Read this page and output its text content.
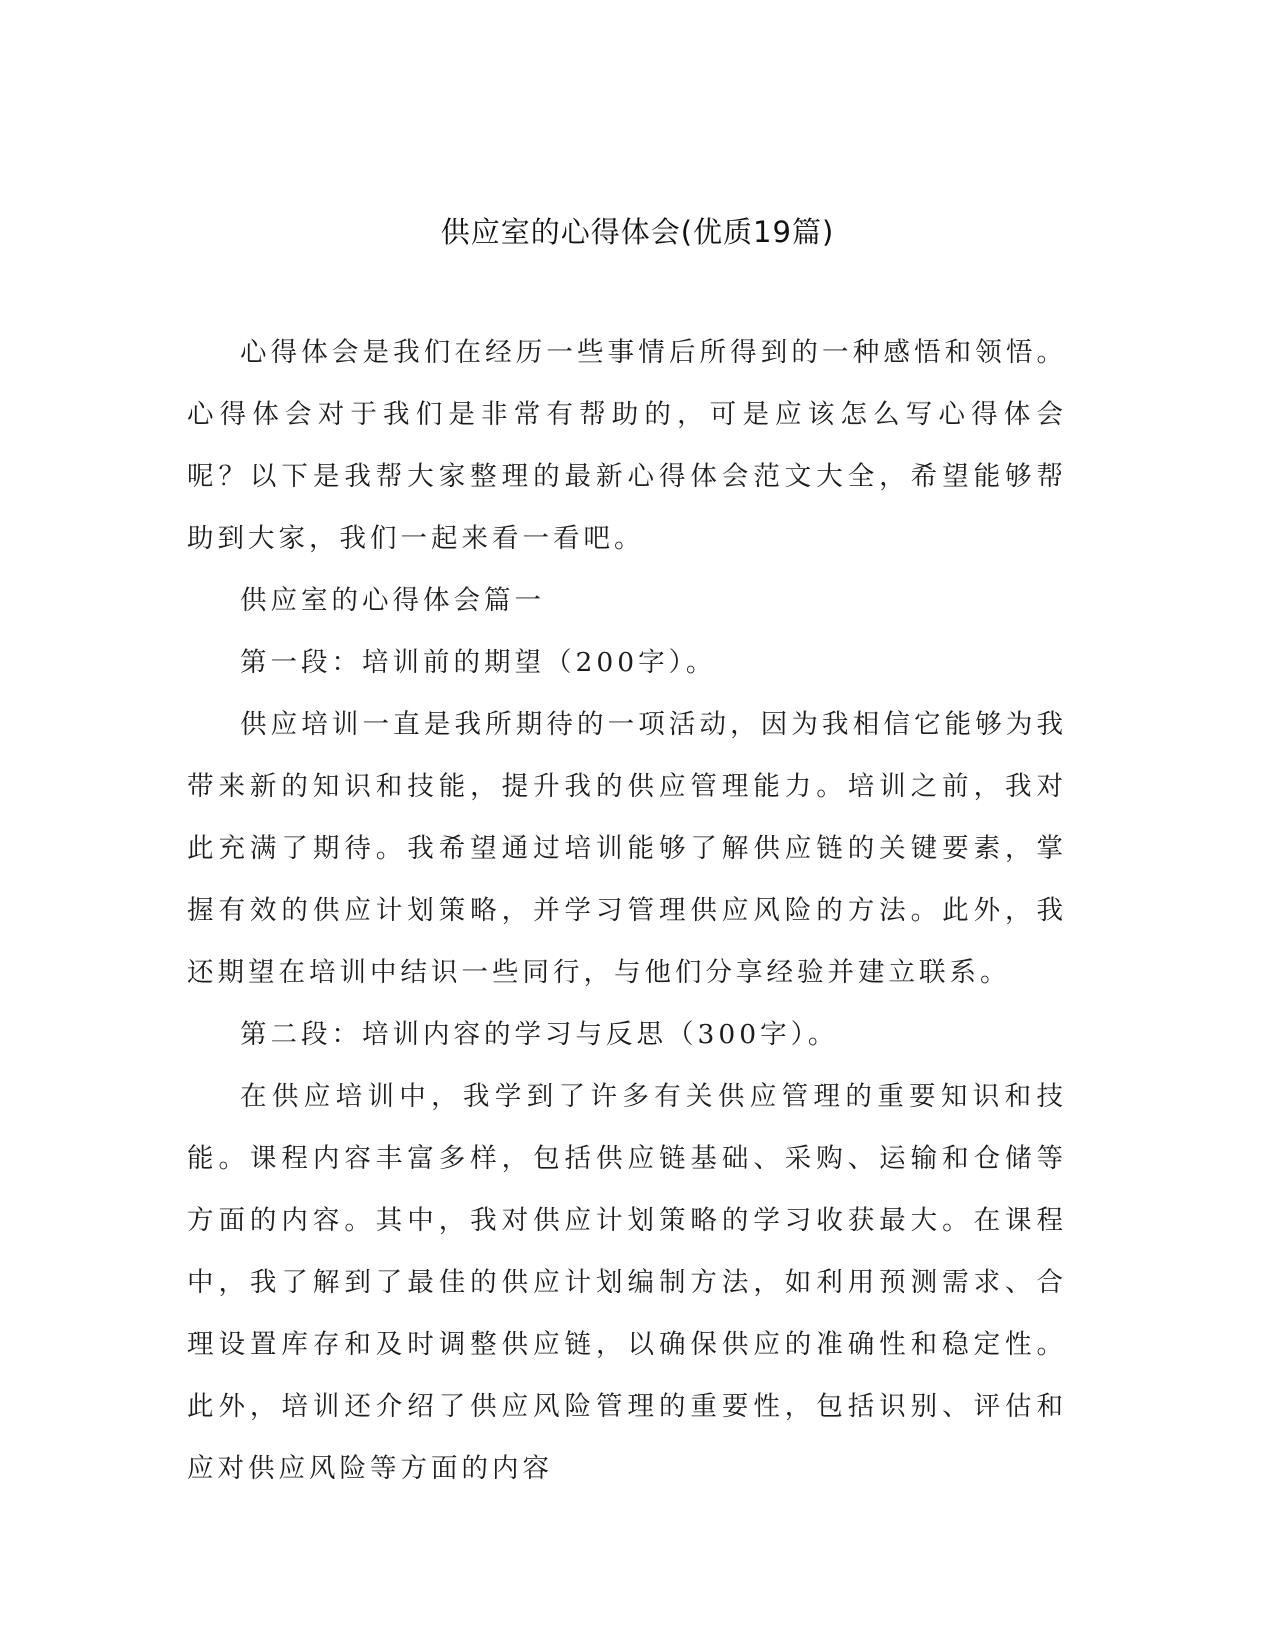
供应室的心得体会(优质19篇)

心得体会是我们在经历一些事情后所得到的一种感悟和领悟。心得体会对于我们是非常有帮助的，可是应该怎么写心得体会呢？以下是我帮大家整理的最新心得体会范文大全，希望能够帮助到大家，我们一起来看一看吧。

供应室的心得体会篇一

第一段：培训前的期望（200字）。

供应培训一直是我所期待的一项活动，因为我相信它能够为我带来新的知识和技能，提升我的供应管理能力。培训之前，我对此充满了期待。我希望通过培训能够了解供应链的关键要素，掌握有效的供应计划策略，并学习管理供应风险的方法。此外，我还期望在培训中结识一些同行，与他们分享经验并建立联系。

第二段：培训内容的学习与反思（300字）。

在供应培训中，我学到了许多有关供应管理的重要知识和技能。课程内容丰富多样，包括供应链基础、采购、运输和仓储等方面的内容。其中，我对供应计划策略的学习收获最大。在课程中，我了解到了最佳的供应计划编制方法，如利用预测需求、合理设置库存和及时调整供应链，以确保供应的准确性和稳定性。此外，培训还介绍了供应风险管理的重要性，包括识别、评估和应对供应风险等方面的内容
